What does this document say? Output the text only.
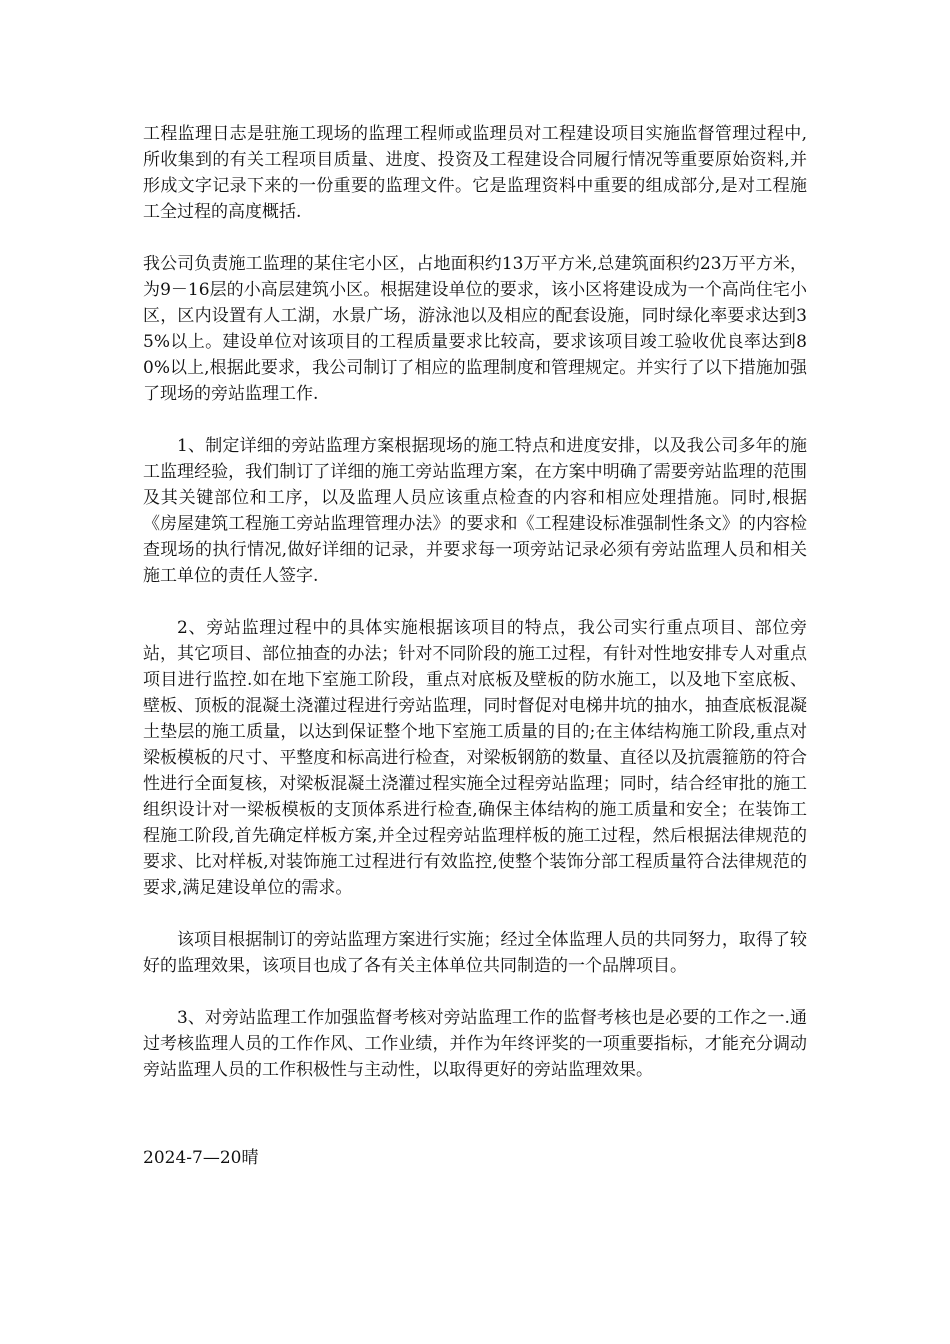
工程监理日志是驻施工现场的监理工程师或监理员对工程建设项目实施监督管理过程中,所收集到的有关工程项目质量、进度、投资及工程建设合同履行情况等重要原始资料,并形成文字记录下来的一份重要的监理文件。它是监理资料中重要的组成部分,是对工程施工全过程的高度概括.

我公司负责施工监理的某住宅小区，占地面积约13万平方米,总建筑面积约23万平方米，为9－16层的小高层建筑小区。根据建设单位的要求，该小区将建设成为一个高尚住宅小区，区内设置有人工湖，水景广场，游泳池以及相应的配套设施，同时绿化率要求达到35%以上。建设单位对该项目的工程质量要求比较高，要求该项目竣工验收优良率达到80%以上,根据此要求，我公司制订了相应的监理制度和管理规定。并实行了以下措施加强了现场的旁站监理工作.

1、制定详细的旁站监理方案根据现场的施工特点和进度安排，以及我公司多年的施工监理经验，我们制订了详细的施工旁站监理方案，在方案中明确了需要旁站监理的范围及其关键部位和工序，以及监理人员应该重点检查的内容和相应处理措施。同时,根据《房屋建筑工程施工旁站监理管理办法》的要求和《工程建设标准强制性条文》的内容检查现场的执行情况,做好详细的记录，并要求每一项旁站记录必须有旁站监理人员和相关施工单位的责任人签字.

2、旁站监理过程中的具体实施根据该项目的特点，我公司实行重点项目、部位旁站，其它项目、部位抽查的办法；针对不同阶段的施工过程，有针对性地安排专人对重点项目进行监控.如在地下室施工阶段，重点对底板及壁板的防水施工，以及地下室底板、壁板、顶板的混凝土浇灌过程进行旁站监理，同时督促对电梯井坑的抽水，抽查底板混凝土垫层的施工质量，以达到保证整个地下室施工质量的目的;在主体结构施工阶段,重点对梁板模板的尺寸、平整度和标高进行检查，对梁板钢筋的数量、直径以及抗震箍筋的符合性进行全面复核，对梁板混凝土浇灌过程实施全过程旁站监理；同时，结合经审批的施工组织设计对一梁板模板的支顶体系进行检查,确保主体结构的施工质量和安全；在装饰工程施工阶段,首先确定样板方案,并全过程旁站监理样板的施工过程，然后根据法律规范的要求、比对样板,对装饰施工过程进行有效监控,使整个装饰分部工程质量符合法律规范的要求,满足建设单位的需求。

该项目根据制订的旁站监理方案进行实施；经过全体监理人员的共同努力，取得了较好的监理效果，该项目也成了各有关主体单位共同制造的一个品牌项目。

3、对旁站监理工作加强监督考核对旁站监理工作的监督考核也是必要的工作之一.通过考核监理人员的工作作风、工作业绩，并作为年终评奖的一项重要指标，才能充分调动旁站监理人员的工作积极性与主动性，以取得更好的旁站监理效果。

2024-7—20晴
